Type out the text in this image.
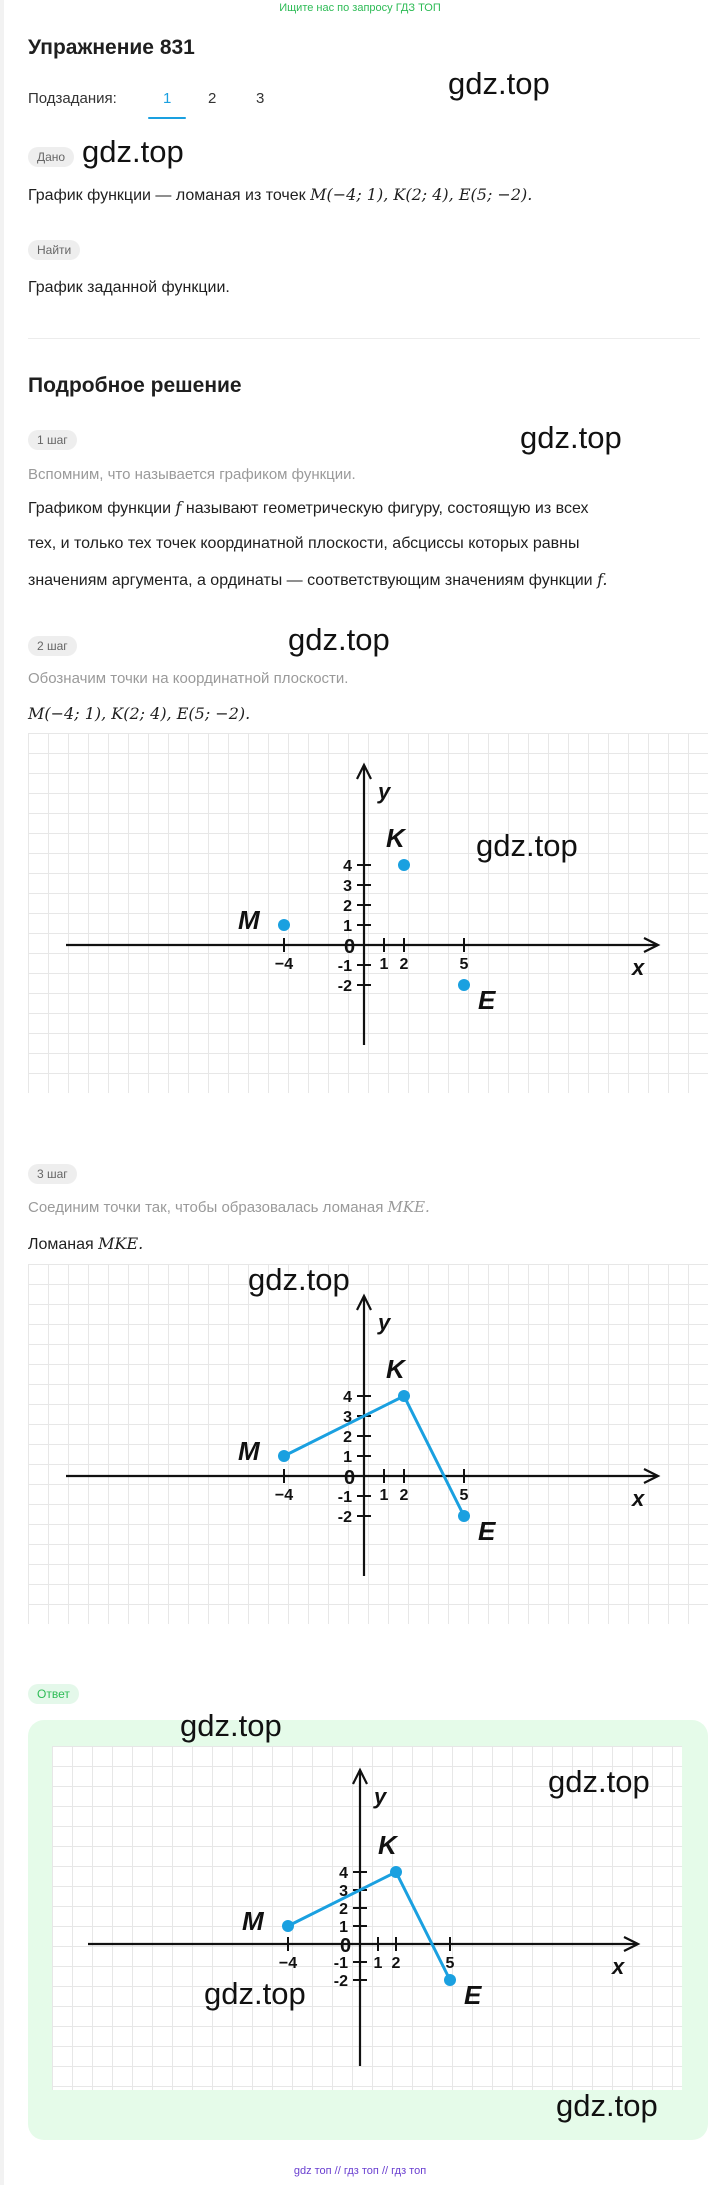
Ищите нас по запросу ГДЗ ТОП
Упражнение 831
gdz.top
Подзадания:	1 2	3
Дано gdz.top
График функции — ломаная из точек M(−4; 1), K(2; 4), E(5; −2).
Найти
График заданной функции.
Подробное решение
1 шаг	gdz.top
Вспомним, что называется графиком функции.
Графиком функции f называют геометрическую фигуру, состоящую из всех
тех, и только тех точек координатной плоскости, абсциссы которых равны
значениям аргумента, а ординаты — соответствующим значениям функции f.
2 шаг	gdz.top
Обозначим точки на координатной плоскости.
M(−4; 1), K(2; 4), E(5; −2).
x
y
0
−4	1 2	5
4
3
2
1
-1
-2
M
K
E
gdz.top
3 шаг
Соединим точки так, чтобы образовалась ломаная MKE.
Ломаная MKE.
x
y
0
−4	1 2	5
4
3
2
1
-1
-2
M
K
E
gdz.top
Ответ
x
y
0
−4	1 2	5
4
3
2
1
-1
-2
M
K
E
gdz.top
gdz.top
gdz.top
gdz.top
gdz топ // гдз топ // гдз топ
